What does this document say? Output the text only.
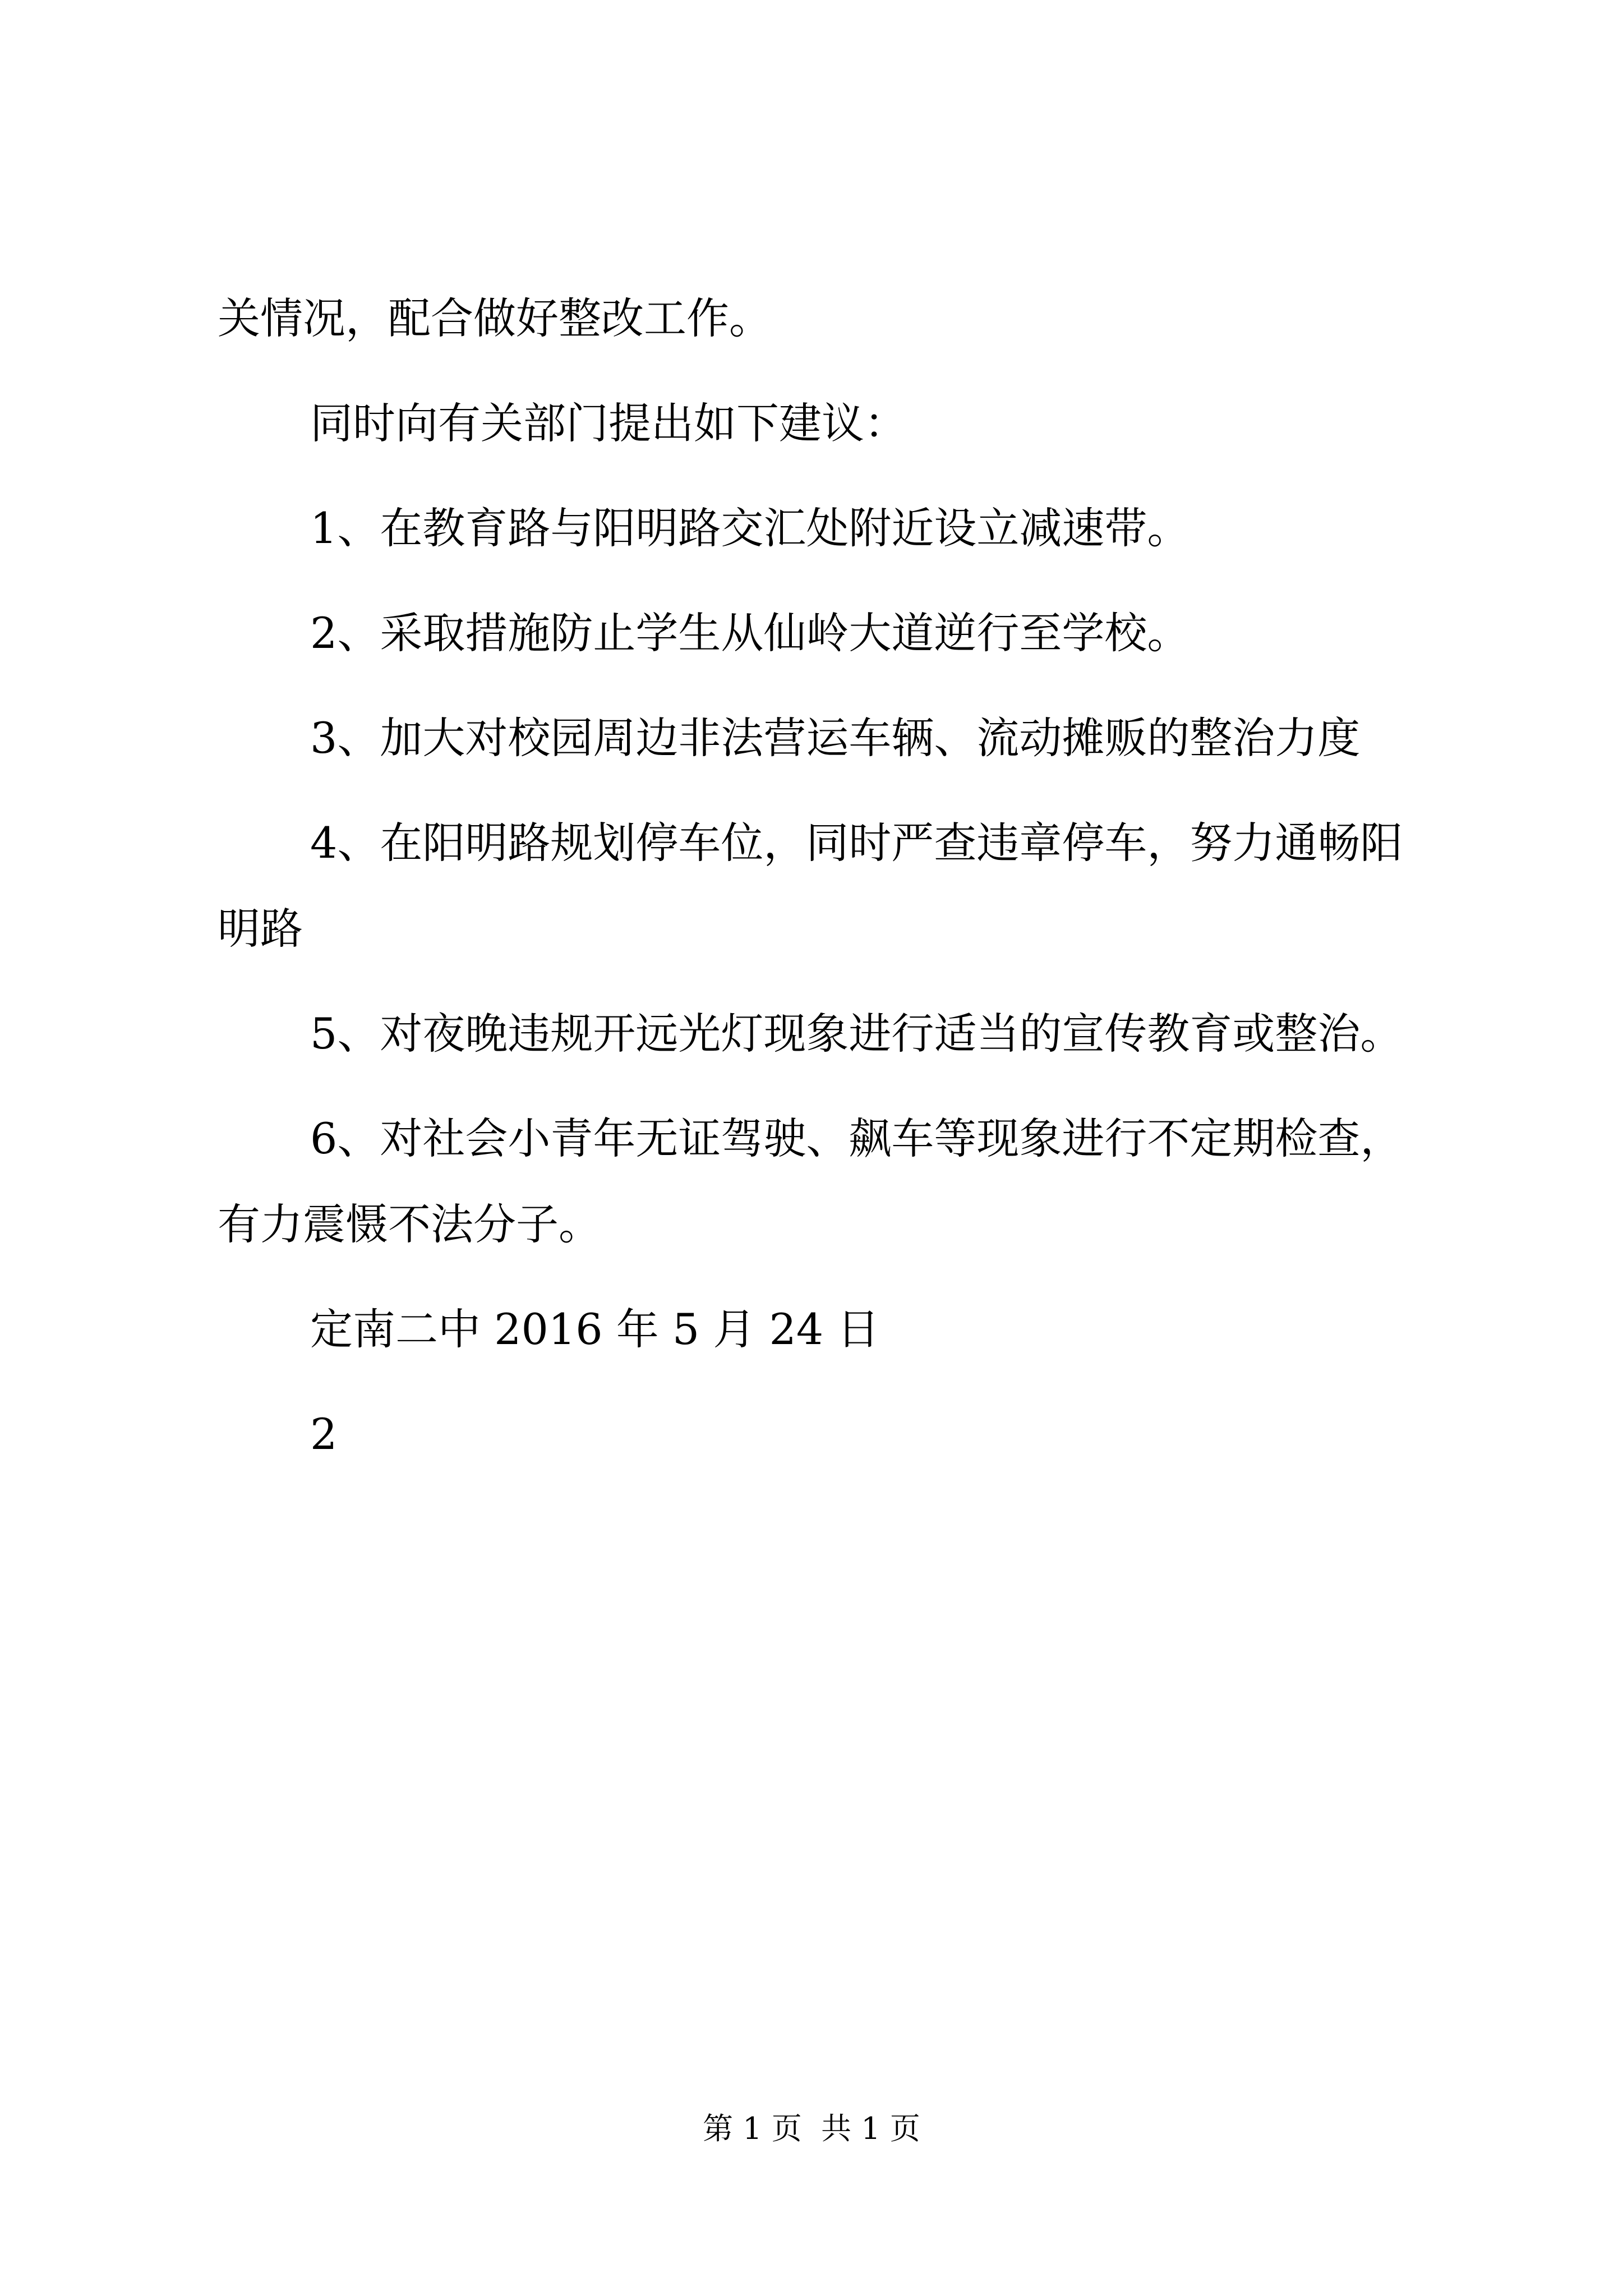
关情况，配合做好整改工作。

同时向有关部门提出如下建议：

1、在教育路与阳明路交汇处附近设立减速带。

2、采取措施防止学生从仙岭大道逆行至学校。

3、加大对校园周边非法营运车辆、流动摊贩的整治力度

4、在阳明路规划停车位，同时严查违章停车，努力通畅阳

明路

5、对夜晚违规开远光灯现象进行适当的宣传教育或整治。

6、对社会小青年无证驾驶、飙车等现象进行不定期检查，

有力震慑不法分子。

定南二中 2016 年 5 月 24 日

2

第 1 页  共 1 页
